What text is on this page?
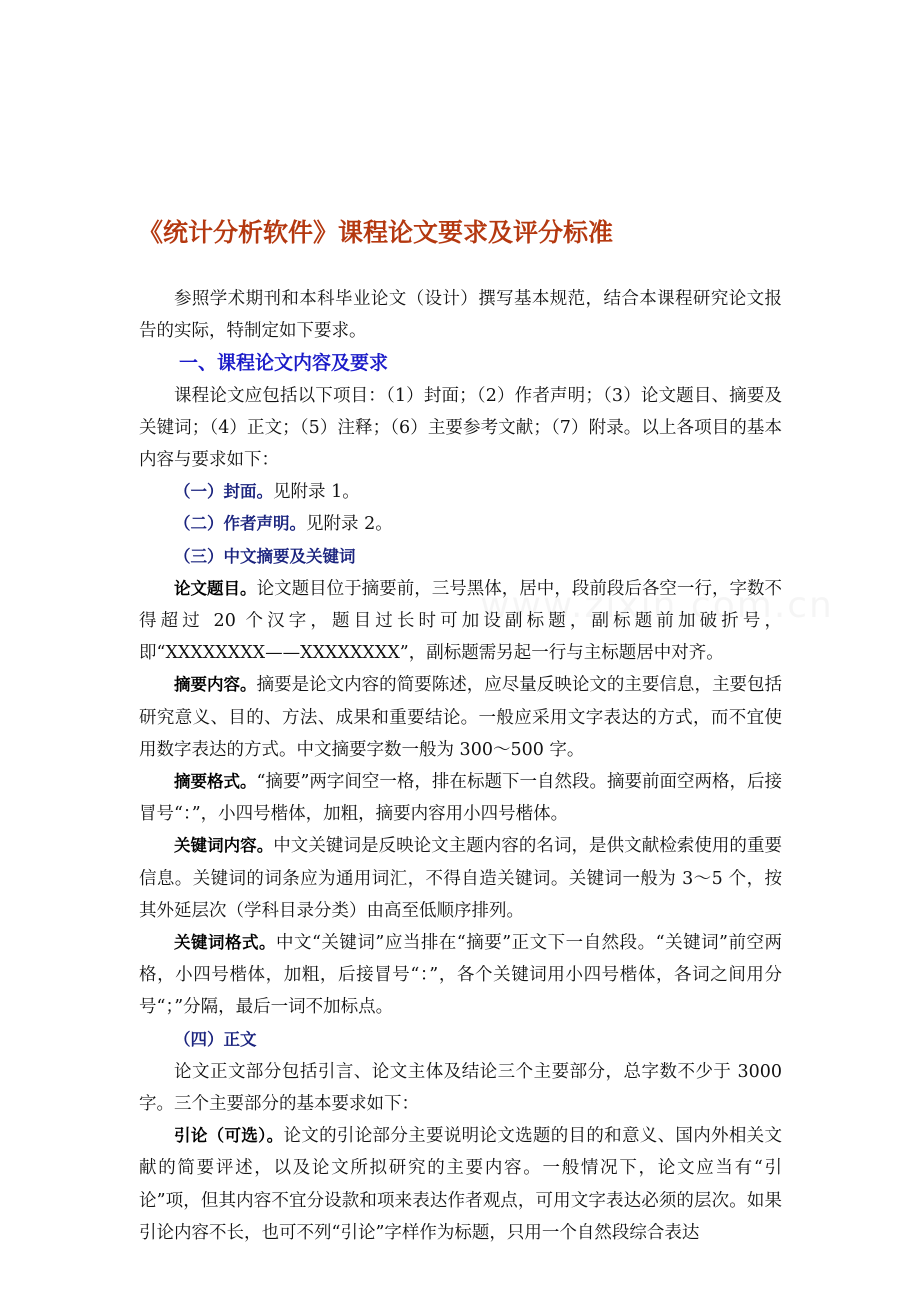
《统计分析软件》课程论文要求及评分标准

参照学术期刊和本科毕业论文（设计）撰写基本规范，结合本课程研究论文报告的实际，特制定如下要求。

一、课程论文内容及要求

课程论文应包括以下项目：（1）封面；（2）作者声明；（3）论文题目、摘要及关键词；（4）正文；（5）注释；（6）主要参考文献；（7）附录。以上各项目的基本内容与要求如下：

（一）封面。见附录 1。

（二）作者声明。见附录 2。

（三）中文摘要及关键词

论文题目。论文题目位于摘要前，三号黑体，居中，段前段后各空一行，字数不得超过 20 个汉字，题目过长时可加设副标题，副标题前加破折号，即“XXXXXXXX——XXXXXXXX”，副标题需另起一行与主标题居中对齐。

摘要内容。摘要是论文内容的简要陈述，应尽量反映论文的主要信息，主要包括研究意义、目的、方法、成果和重要结论。一般应采用文字表达的方式，而不宜使用数字表达的方式。中文摘要字数一般为 300～500 字。

摘要格式。“摘要”两字间空一格，排在标题下一自然段。摘要前面空两格，后接冒号“：”，小四号楷体，加粗，摘要内容用小四号楷体。

关键词内容。中文关键词是反映论文主题内容的名词，是供文献检索使用的重要信息。关键词的词条应为通用词汇，不得自造关键词。关键词一般为 3～5 个，按其外延层次（学科目录分类）由高至低顺序排列。

关键词格式。中文“关键词”应当排在“摘要”正文下一自然段。“关键词”前空两格，小四号楷体，加粗，后接冒号“：”，各个关键词用小四号楷体，各词之间用分号“；”分隔，最后一词不加标点。

（四）正文

论文正文部分包括引言、论文主体及结论三个主要部分，总字数不少于 3000 字。三个主要部分的基本要求如下：

引论（可选）。论文的引论部分主要说明论文选题的目的和意义、国内外相关文献的简要评述，以及论文所拟研究的主要内容。一般情况下，论文应当有“引论”项，但其内容不宜分设款和项来表达作者观点，可用文字表达必须的层次。如果引论内容不长，也可不列“引论”字样作为标题，只用一个自然段综合表达
